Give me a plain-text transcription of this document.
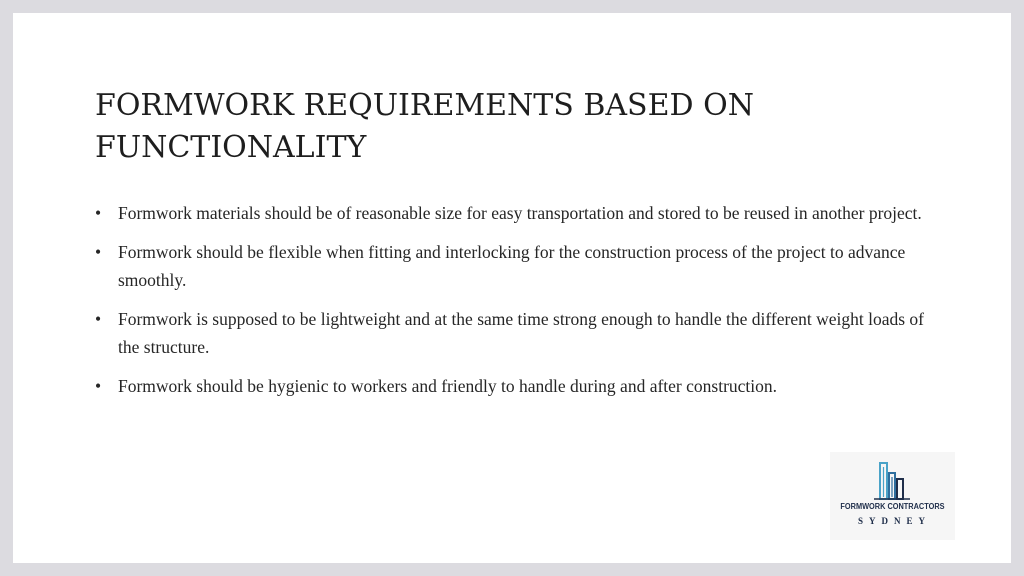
FORMWORK REQUIREMENTS BASED ON FUNCTIONALITY
• Formwork materials should be of reasonable size for easy transportation and stored to be reused in another project.
• Formwork should be flexible when fitting and interlocking for the construction process of the project to advance smoothly.
• Formwork is supposed to be lightweight and at the same time strong enough to handle the different weight loads of the structure.
• Formwork should be hygienic to workers and friendly to handle during and after construction.
FORMWORK CONTRACTORS
SYDNEY
